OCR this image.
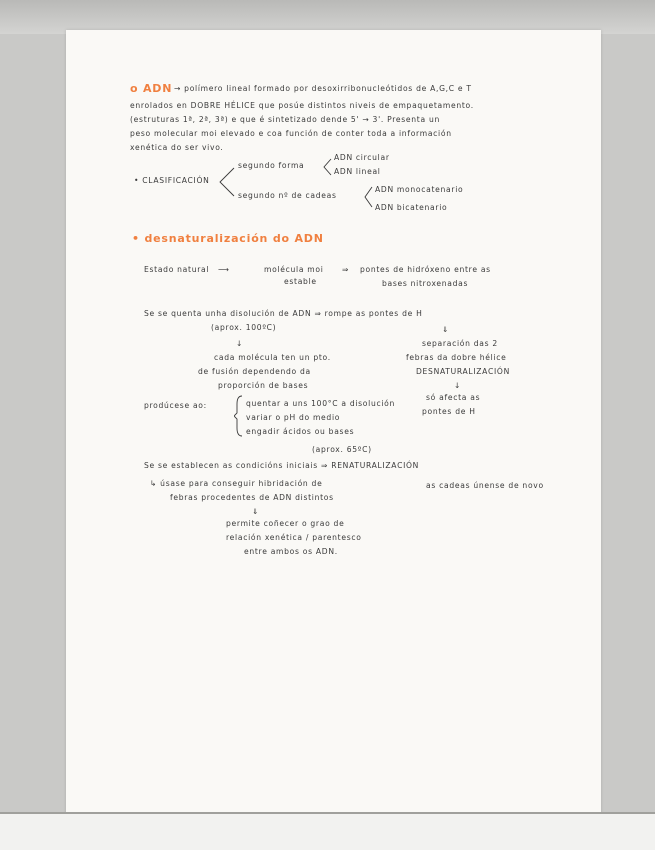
o ADN → polímero lineal formado por desoxirribonucleótidos de A,G,C e T
enrolados en DOBRE HÉLICE que posúe distintos niveis de empaquetamento.
(estruturas 1ª, 2ª, 3ª) e que é sintetizado dende 5' → 3'. Presenta un
peso molecular moi elevado e coa función de conter toda a información
xenética do ser vivo.
• CLASIFICACIÓN
segundo forma
ADN circular
ADN lineal
segundo nº de cadeas
ADN monocatenario
ADN bicatenario
• desnaturalización do ADN
Estado natural ⟶	molécula moi
estable
⇒ pontes de hidróxeno entre as
bases nitroxenadas
Se se quenta unha disolución de ADN ⇒ rompe as pontes de H
(aprox. 100ºC)
↓
cada molécula ten un pto.
de fusión dependendo da
proporción de bases
⇓
separación das 2
febras da dobre hélice
DESNATURALIZACIÓN
↓
só afecta as
pontes de H
prodúcese ao:	quentar a uns 100°C a disolución
variar o pH do medio
engadir ácidos ou bases
(aprox. 65ºC)
Se se establecen as condicións iniciais ⇒ RENATURALIZACIÓN
↳ úsase para conseguir hibridación de
febras procedentes de ADN distintos
as cadeas únense de novo
⇓
permite coñecer o grao de
relación xenética / parentesco
entre ambos os ADN.
